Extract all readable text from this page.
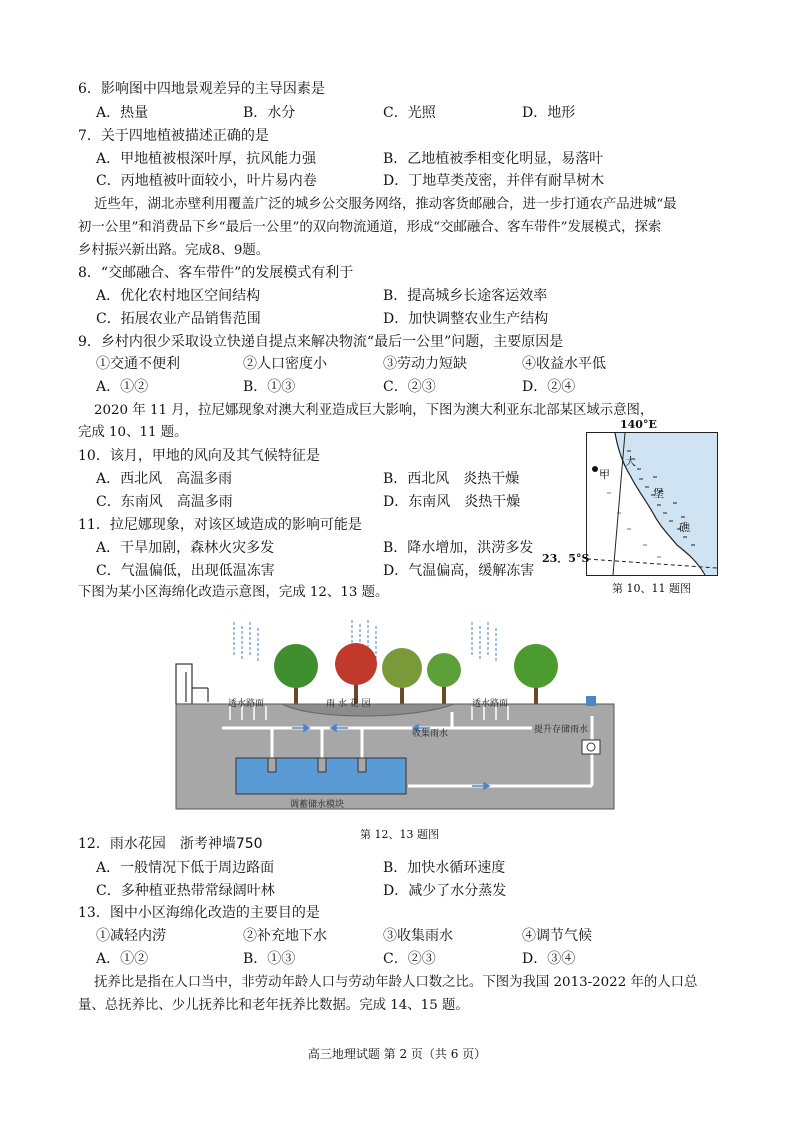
6．影响图中四地景观差异的主导因素是
A．热量	B．水分	C．光照	D．地形
7．关于四地植被描述正确的是
A．甲地植被根深叶厚，抗风能力强	B．乙地植被季相变化明显，易落叶
C．丙地植被叶面较小，叶片易内卷	D．丁地草类茂密，并伴有耐旱树木
近些年，湖北赤壁利用覆盖广泛的城乡公交服务网络，推动客货邮融合，进一步打通农产品进城“最
初一公里”和消费品下乡“最后一公里”的双向物流通道，形成“交邮融合、客车带件”发展模式，探索
乡村振兴新出路。完成8、9题。
8．“交邮融合、客车带件”的发展模式有利于
A．优化农村地区空间结构	B．提高城乡长途客运效率
C．拓展农业产品销售范围	D．加快调整农业生产结构
9．乡村内很少采取设立快递自提点来解决物流“最后一公里”问题，主要原因是
①交通不便利	②人口密度小	③劳动力短缺	④收益水平低
A．①②	B．①③	C．②③	D．②④
2020 年 11 月，拉尼娜现象对澳大利亚造成巨大影响，下图为澳大利亚东北部某区域示意图，
完成 10、11 题。
10．该月，甲地的风向及其气候特征是
A．西北风　高温多雨	B．西北风　炎热干燥
C．东南风　高温多雨	D．东南风　炎热干燥
11．拉尼娜现象，对该区域造成的影响可能是
A．干旱加剧，森林火灾多发	B．降水增加，洪涝多发
C．气温偏低，出现低温冻害	D．气温偏高，缓解冻害
140°E
甲
大
堡
礁
23．5°S
第 10、11 题图
下图为某小区海绵化改造示意图，完成 12、13 题。
透水路面	雨 水 花 园	透水路面
收集雨水	提升存储雨水
调蓄储水模块
第 12、13 题图
12．雨水花园　 浙考神墙750
A．一般情况下低于周边路面	B．加快水循环速度
C．多种植亚热带常绿阔叶林	D．减少了水分蒸发
13．图中小区海绵化改造的主要目的是
①减轻内涝	②补充地下水	③收集雨水	④调节气候
A．①②	B．①③	C．②③	D．③④
抚养比是指在人口当中，非劳动年龄人口与劳动年龄人口数之比。下图为我国 2013-2022 年的人口总
量、总抚养比、少儿抚养比和老年抚养比数据。完成 14、15 题。
高三地理试题 第 2 页（共 6 页）
